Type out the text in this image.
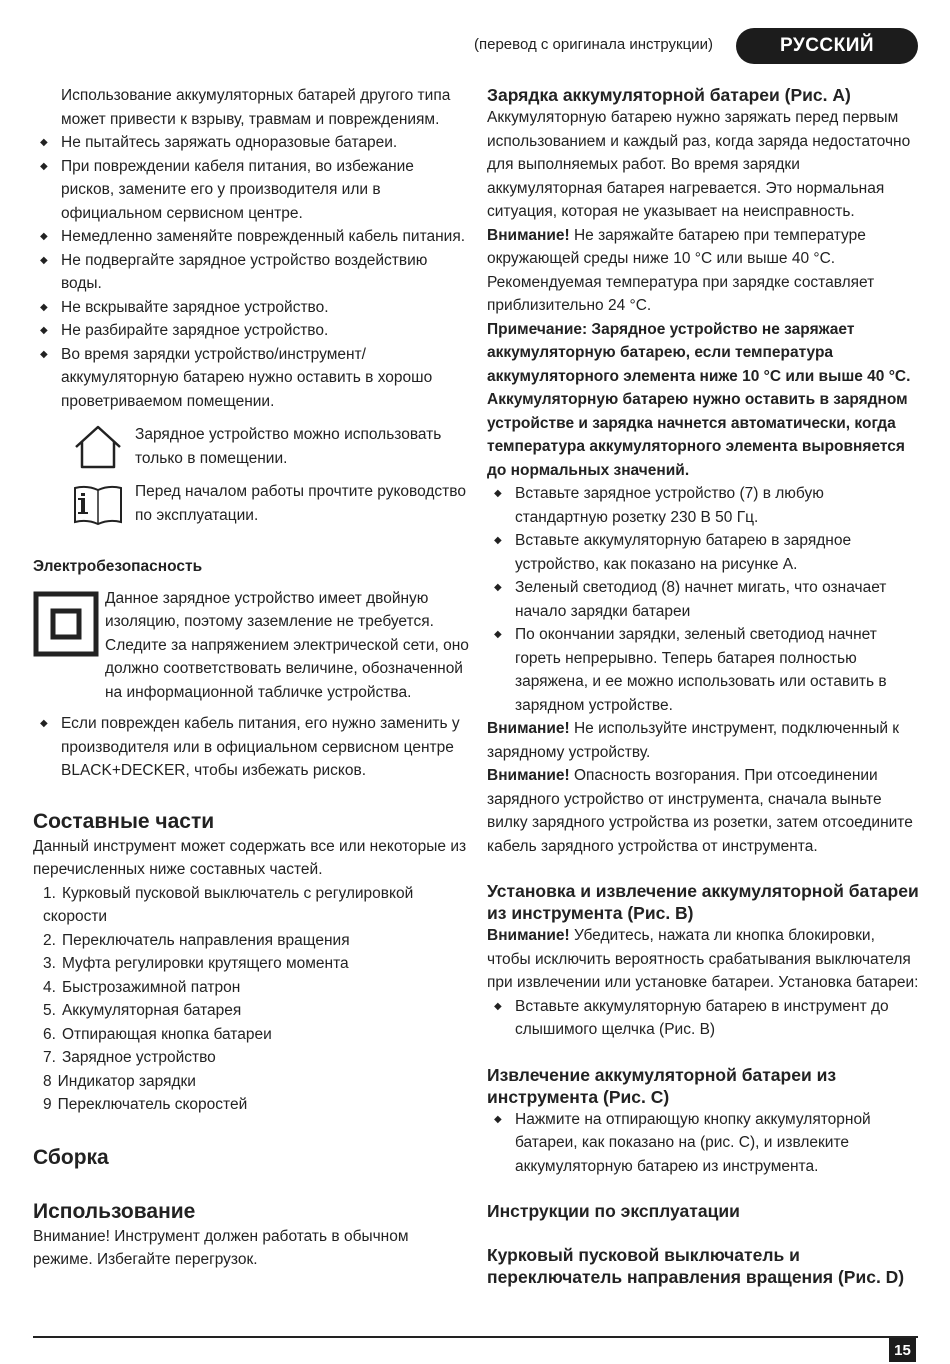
(перевод с оригинала инструкции)	РУССКИЙ

Использование аккумуляторных батарей другого типа может привести к взрыву, травмам и повреждениям.

◆ Не пытайтесь заряжать одноразовые батареи.
◆ При повреждении кабеля питания, во избежание рисков, замените его у производителя или в официальном сервисном центре.
◆ Немедленно заменяйте поврежденный кабель питания.
◆ Не подвергайте зарядное устройство воздействию воды.
◆ Не вскрывайте зарядное устройство.
◆ Не разбирайте зарядное устройство.
◆ Во время зарядки устройство/инструмент/ аккумуляторную батарею нужно оставить в хорошо проветриваемом помещении.

Зарядное устройство можно использовать только в помещении.

Перед началом работы прочтите руководство по эксплуатации.

Электробезопасность

Данное зарядное устройство имеет двойную изоляцию, поэтому заземление не требуется. Следите за напряжением электрической сети, оно должно соответствовать величине, обозначенной на информационной табличке устройства.

◆ Если поврежден кабель питания, его нужно заменить у производителя или в официальном сервисном центре BLACK+DECKER, чтобы избежать рисков.
Составные части

Данный инструмент может содержать все или некоторые из перечисленных ниже составных частей.

1. Курковый пусковой выключатель с регулировкой скорости
2. Переключатель направления вращения
3. Муфта регулировки крутящего момента
4. Быстрозажимной патрон
5. Аккумуляторная батарея
6. Отпирающая кнопка батареи
7. Зарядное устройство
8 Индикатор зарядки
9 Переключатель скоростей
Сборка
Использование

Внимание! Инструмент должен работать в обычном режиме. Избегайте перегрузок.

Зарядка аккумуляторной батареи (Рис. A)

Аккумуляторную батарею нужно заряжать перед первым использованием и каждый раз, когда заряда недостаточно для выполняемых работ. Во время зарядки аккумуляторная батарея нагревается. Это нормальная ситуация, которая не указывает на неисправность.

Внимание! Не заряжайте батарею при температуре окружающей среды ниже 10 °C или выше 40 °C. Рекомендуемая температура при зарядке составляет приблизительно 24 °C.

Примечание: Зарядное устройство не заряжает аккумуляторную батарею, если температура аккумуляторного элемента ниже 10 °C или выше 40 °C. Аккумуляторную батарею нужно оставить в зарядном устройстве и зарядка начнется автоматически, когда температура аккумуляторного элемента выровняется до нормальных значений.

◆ Вставьте зарядное устройство (7) в любую стандартную розетку 230 В 50 Гц.
◆ Вставьте аккумуляторную батарею в зарядное устройство, как показано на рисунке A.
◆ Зеленый светодиод (8) начнет мигать, что означает начало зарядки батареи
◆ По окончании зарядки, зеленый светодиод начнет гореть непрерывно. Теперь батарея полностью заряжена, и ее можно использовать или оставить в зарядном устройстве.

Внимание! Не используйте инструмент, подключенный к зарядному устройству.

Внимание! Опасность возгорания. При отсоединении зарядного устройство от инструмента, сначала выньте вилку зарядного устройства из розетки, затем отсоедините кабель зарядного устройства от инструмента.

Установка и извлечение аккумуляторной батареи из инструмента (Рис. B)

Внимание! Убедитесь, нажата ли кнопка блокировки, чтобы исключить вероятность срабатывания выключателя при извлечении или установке батареи. Установка батареи:

◆ Вставьте аккумуляторную батарею в инструмент до слышимого щелчка (Рис. B)
Извлечение аккумуляторной батареи из инструмента (Рис. C)
◆ Нажмите на отпирающую кнопку аккумуляторной батареи, как показано на (рис. C), и извлеките аккумуляторную батарею из инструмента.
Инструкции по эксплуатации
Курковый пусковой выключатель и переключатель направления вращения (Рис. D)
15
